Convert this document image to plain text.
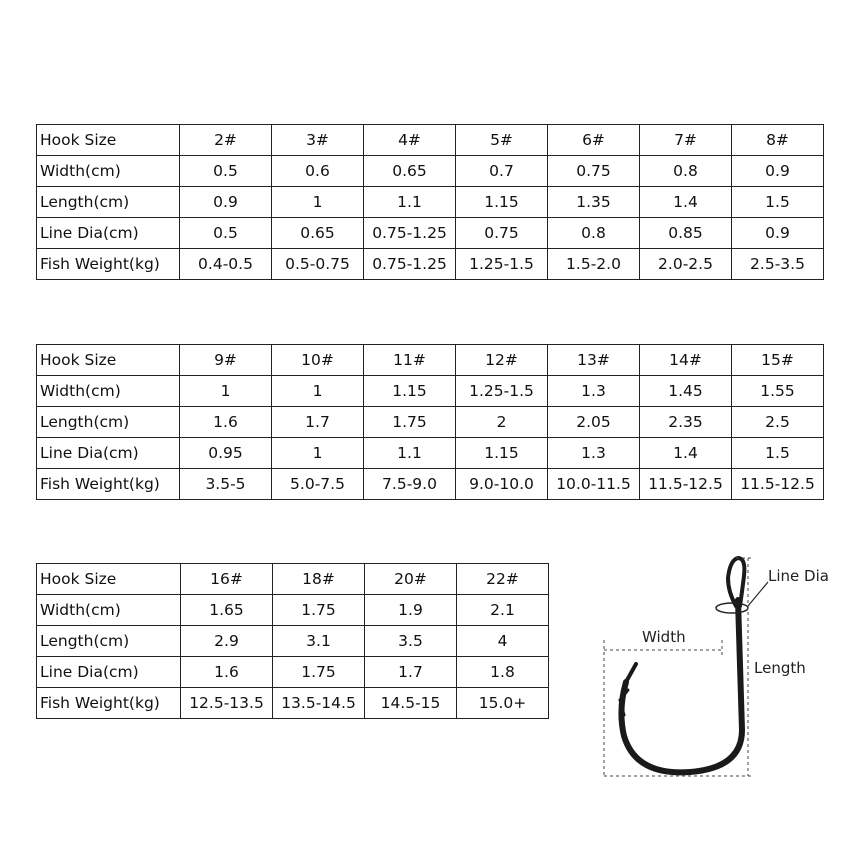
Hook Size	2#	3#	4#	5#	6#	7#	8#
Width(cm)	0.5	0.6	0.65	0.7	0.75	0.8	0.9
Length(cm)	0.9	1	1.1	1.15	1.35	1.4	1.5
Line Dia(cm)	0.5	0.65	0.75-1.25	0.75	0.8	0.85	0.9
Fish Weight(kg)	0.4-0.5	0.5-0.75	0.75-1.25	1.25-1.5	1.5-2.0	2.0-2.5	2.5-3.5
Hook Size	9#	10#	11#	12#	13#	14#	15#
Width(cm)	1	1	1.15	1.25-1.5	1.3	1.45	1.55
Length(cm)	1.6	1.7	1.75	2	2.05	2.35	2.5
Line Dia(cm)	0.95	1	1.1	1.15	1.3	1.4	1.5
Fish Weight(kg)	3.5-5	5.0-7.5	7.5-9.0	9.0-10.0	10.0-11.5	11.5-12.5	11.5-12.5
Hook Size	16#	18#	20#	22#
Width(cm)	1.65	1.75	1.9	2.1
Length(cm)	2.9	3.1	3.5	4
Line Dia(cm)	1.6	1.75	1.7	1.8
Fish Weight(kg)	12.5-13.5	13.5-14.5	14.5-15	15.0+
Line Dia
Width
Length
